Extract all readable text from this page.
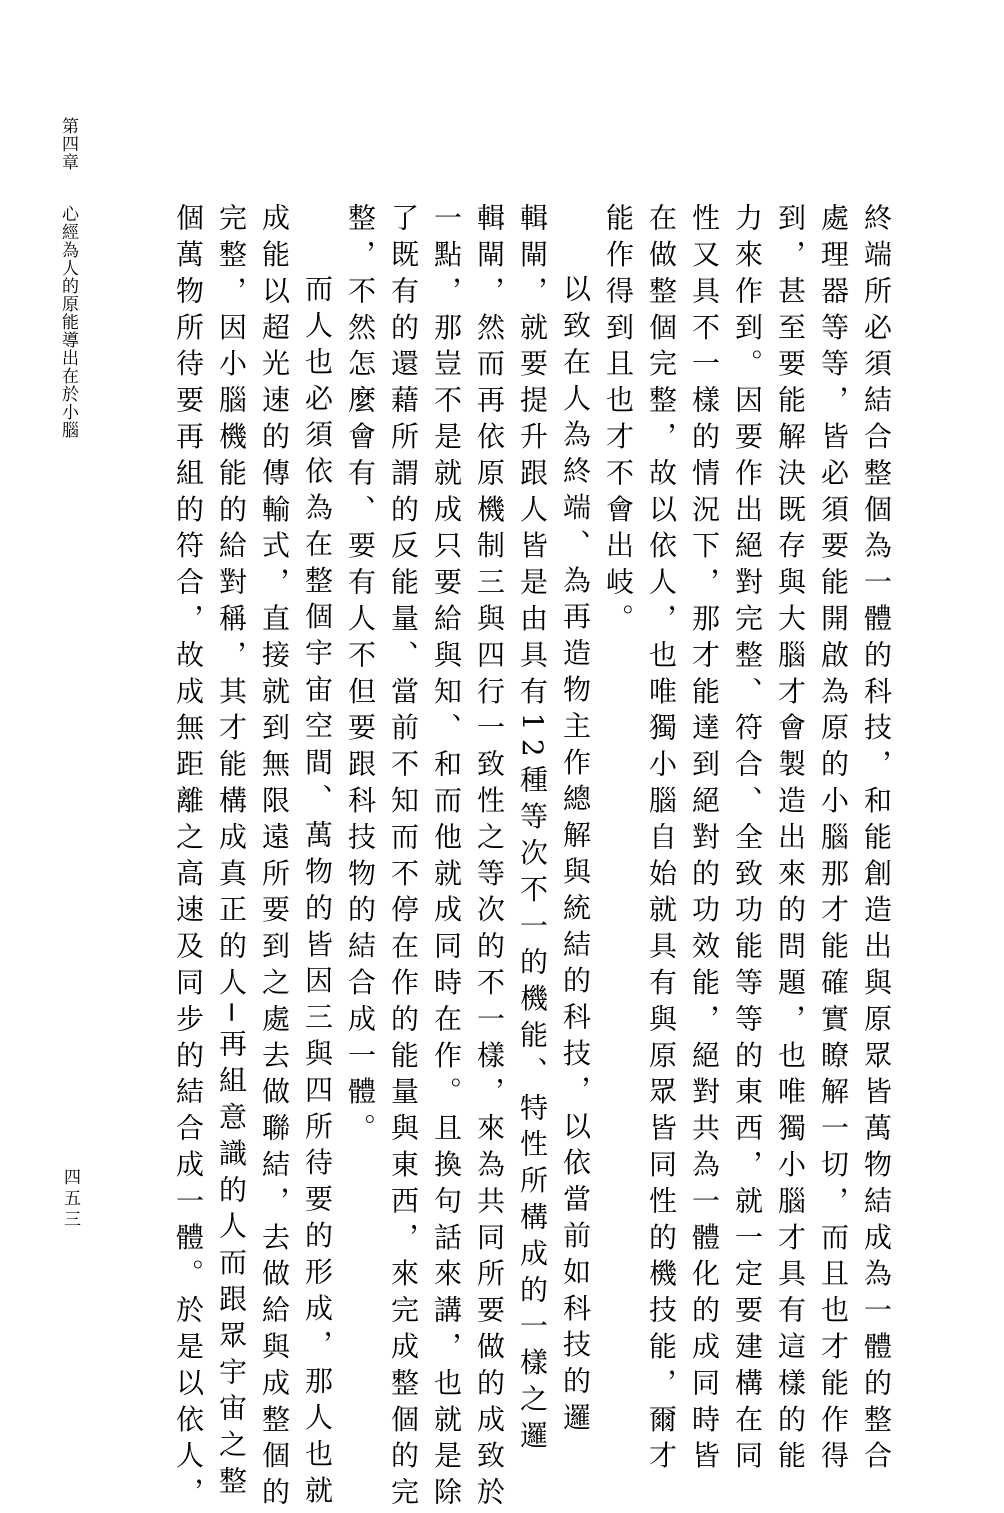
第四章心經為人的原能導出在於小腦	終端所必須結合整個為一體的科技，和能創造出與原眾皆萬物結成為一體的整合
處理器等等，皆必須要能開啟為原的小腦那才能確實瞭解一切，而且也才能作得
到，甚至要能解決既存與大腦才會製造出來的問題，也唯獨小腦才具有這樣的能
力來作到。因要作出絕對完整、符合、全致功能等等的東西，就一定要建構在同
性又具不一樣的情況下，那才能達到絕對的功效能，絕對共為一體化的成同時皆
在做整個完整，故以依人，也唯獨小腦自始就具有與原眾皆同性的機技能，爾才
能作得到且也才不會出岐。
以致在人為終端、為再造物主作總解與統結的科技，以依當前如科技的邏
輯閘，就要提升跟人皆是由具有12種等次不一的機能、特性所構成的一樣之邏
輯閘，然而再依原機制三與四行一致性之等次的不一樣，來為共同所要做的成致於
一點，那豈不是就成只要給與知、和而他就成同時在作。且換句話來講，也就是除
了既有的還藉所謂的反能量、當前不知而不停在作的能量與東西，來完成整個的完
整，不然怎麼會有、要有人不但要跟科技物的結合成一體。
而人也必須依為在整個宇宙空間、萬物的皆因三與四所待要的形成，那人也就
成能以超光速的傳輸式，直接就到無限遠所要到之處去做聯結，去做給與成整個的
完整，因小腦機能的給對稱，其才能構成真正的人─再組意識的人而跟眾宇宙之整
個萬物所待要再組的符合，故成無距離之高速及同步的結合成一體。於是以依人，
四五三
